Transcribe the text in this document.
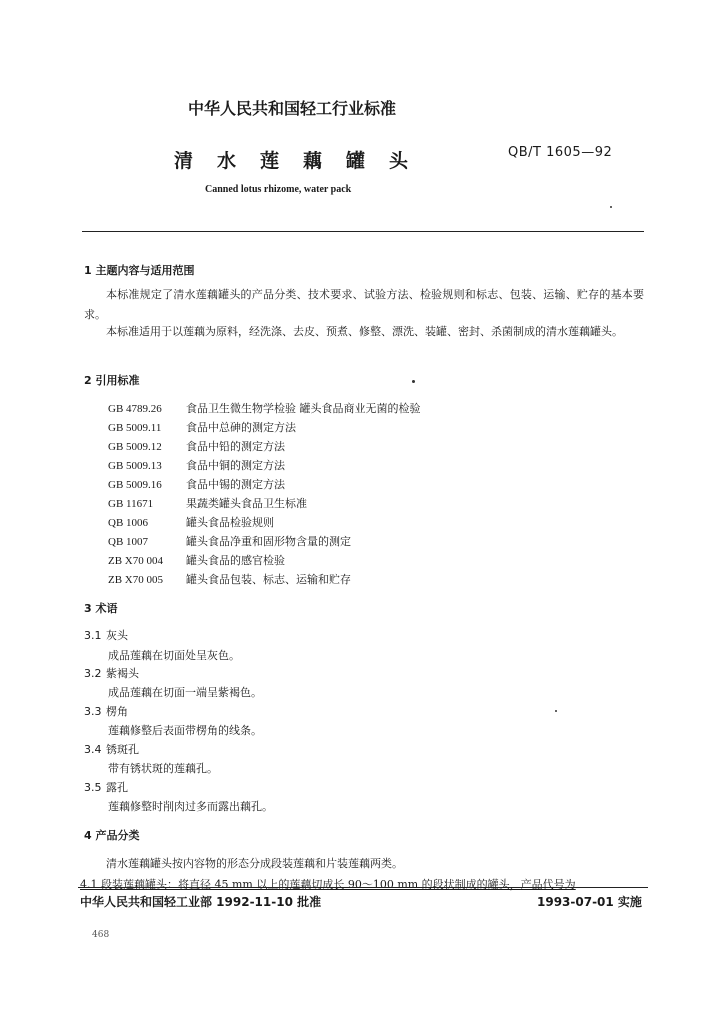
中华人民共和国轻工行业标准
清水莲藕罐头	QB/T 1605—92
Canned lotus rhizome, water pack
1 主题内容与适用范围
本标准规定了清水莲藕罐头的产品分类、技术要求、试验方法、检验规则和标志、包装、运输、贮存的基本要求。
本标准适用于以莲藕为原料，经洗涤、去皮、预煮、修整、漂洗、装罐、密封、杀菌制成的清水莲藕罐头。
2 引用标准
GB 4789.26 食品卫生微生物学检验 罐头食品商业无菌的检验
GB 5009.11 食品中总砷的测定方法
GB 5009.12 食品中铅的测定方法
GB 5009.13 食品中铜的测定方法
GB 5009.16 食品中锡的测定方法
GB 11671	果蔬类罐头食品卫生标准
QB 1006	罐头食品检验规则
QB 1007	罐头食品净重和固形物含量的测定
ZB X70 004 罐头食品的感官检验
ZB X70 005 罐头食品包装、标志、运输和贮存
3 术语
3.1 灰头
成品莲藕在切面处呈灰色。
3.2 紫褐头
成品莲藕在切面一端呈紫褐色。
3.3 楞角
莲藕修整后表面带楞角的线条。
3.4 锈斑孔
带有锈状斑的莲藕孔。
3.5 露孔
莲藕修整时削肉过多而露出藕孔。
4 产品分类
清水莲藕罐头按内容物的形态分成段装莲藕和片装莲藕两类。
4.1 段装莲藕罐头：将直径 45 mm 以上的莲藕切成长 90～100 mm 的段状制成的罐头，产品代号为
中华人民共和国轻工业部 1992-11-10 批准	1993-07-01 实施
468
